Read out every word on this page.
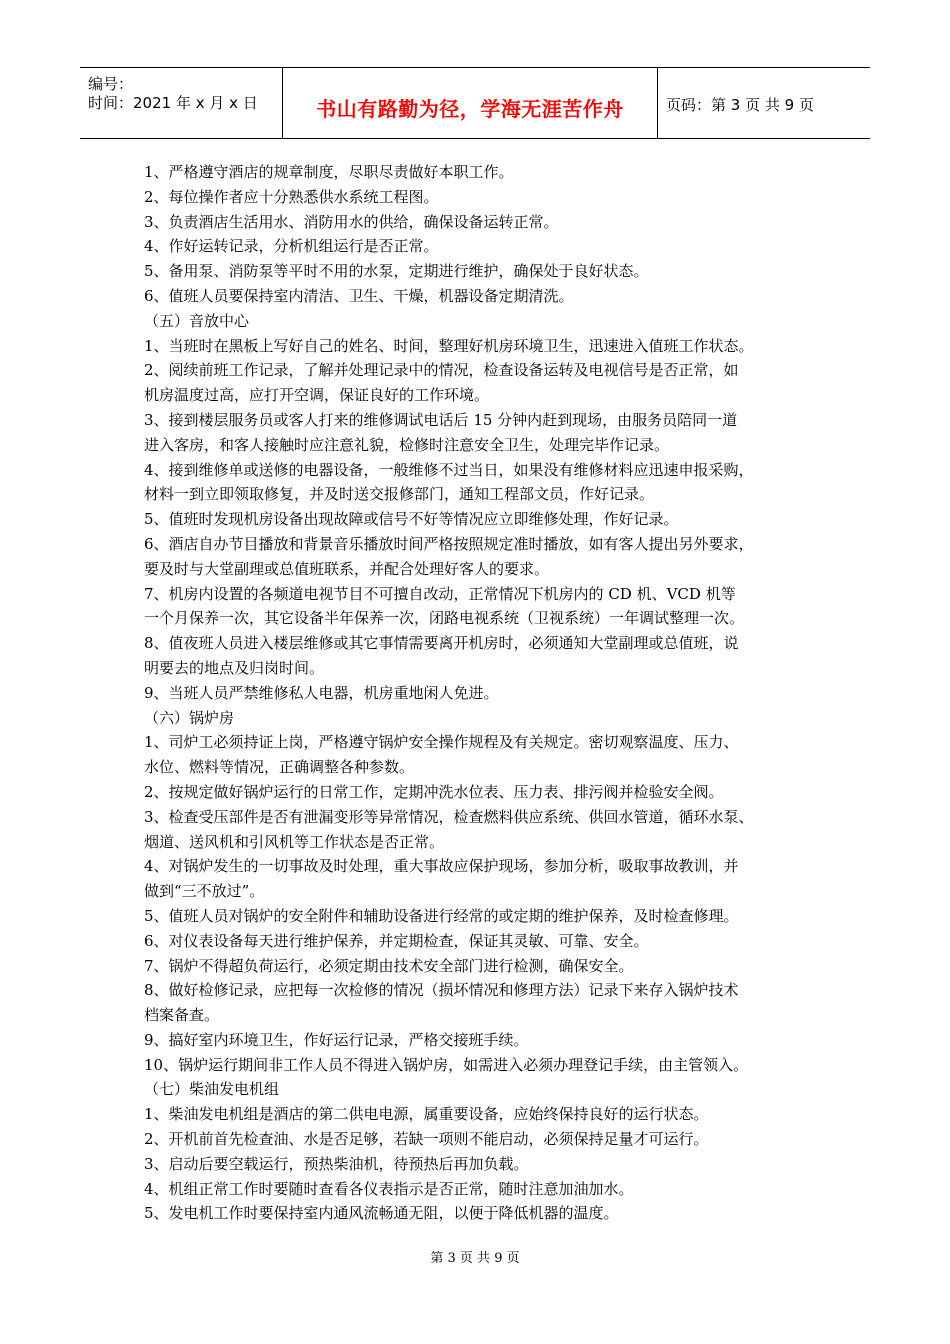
编号：
时间：2021 年 x 月 x 日	书山有路勤为径，学海无涯苦作舟	页码：第 3 页 共 9 页
1、严格遵守酒店的规章制度，尽职尽责做好本职工作。
2、每位操作者应十分熟悉供水系统工程图。
3、负责酒店生活用水、消防用水的供给，确保设备运转正常。
4、作好运转记录，分析机组运行是否正常。
5、备用泵、消防泵等平时不用的水泵，定期进行维护，确保处于良好状态。
6、值班人员要保持室内清洁、卫生、干燥，机器设备定期清洗。
（五）音放中心
1、当班时在黑板上写好自己的姓名、时间，整理好机房环境卫生，迅速进入值班工作状态。
2、阅续前班工作记录，了解并处理记录中的情况，检查设备运转及电视信号是否正常，如
机房温度过高，应打开空调，保证良好的工作环境。
3、接到楼层服务员或客人打来的维修调试电话后 15 分钟内赶到现场，由服务员陪同一道
进入客房，和客人接触时应注意礼貌，检修时注意安全卫生，处理完毕作记录。
4、接到维修单或送修的电器设备，一般维修不过当日，如果没有维修材料应迅速申报采购，
材料一到立即领取修复，并及时送交报修部门，通知工程部文员，作好记录。
5、值班时发现机房设备出现故障或信号不好等情况应立即维修处理，作好记录。
6、酒店自办节目播放和背景音乐播放时间严格按照规定准时播放，如有客人提出另外要求，
要及时与大堂副理或总值班联系，并配合处理好客人的要求。
7、机房内设置的各频道电视节目不可擅自改动，正常情况下机房内的 CD 机、VCD 机等
一个月保养一次，其它设备半年保养一次，闭路电视系统（卫视系统）一年调试整理一次。
8、值夜班人员进入楼层维修或其它事情需要离开机房时，必须通知大堂副理或总值班，说
明要去的地点及归岗时间。
9、当班人员严禁维修私人电器，机房重地闲人免进。
（六）锅炉房
1、司炉工必须持证上岗，严格遵守锅炉安全操作规程及有关规定。密切观察温度、压力、
水位、燃料等情况，正确调整各种参数。
2、按规定做好锅炉运行的日常工作，定期冲洗水位表、压力表、排污阀并检验安全阀。
3、检查受压部件是否有泄漏变形等异常情况，检查燃料供应系统、供回水管道，循环水泵、
烟道、送风机和引风机等工作状态是否正常。
4、对锅炉发生的一切事故及时处理，重大事故应保护现场，参加分析，吸取事故教训，并
做到“三不放过”。
5、值班人员对锅炉的安全附件和辅助设备进行经常的或定期的维护保养，及时检查修理。
6、对仪表设备每天进行维护保养，并定期检查，保证其灵敏、可靠、安全。
7、锅炉不得超负荷运行，必须定期由技术安全部门进行检测，确保安全。
8、做好检修记录，应把每一次检修的情况（损坏情况和修理方法）记录下来存入锅炉技术
档案备查。
9、搞好室内环境卫生，作好运行记录，严格交接班手续。
10、锅炉运行期间非工作人员不得进入锅炉房，如需进入必须办理登记手续，由主管领入。
（七）柴油发电机组
1、柴油发电机组是酒店的第二供电电源，属重要设备，应始终保持良好的运行状态。
2、开机前首先检查油、水是否足够，若缺一项则不能启动，必须保持足量才可运行。
3、启动后要空载运行，预热柴油机，待预热后再加负载。
4、机组正常工作时要随时查看各仪表指示是否正常，随时注意加油加水。
5、发电机工作时要保持室内通风流畅通无阻，以便于降低机器的温度。
第 3 页 共 9 页
